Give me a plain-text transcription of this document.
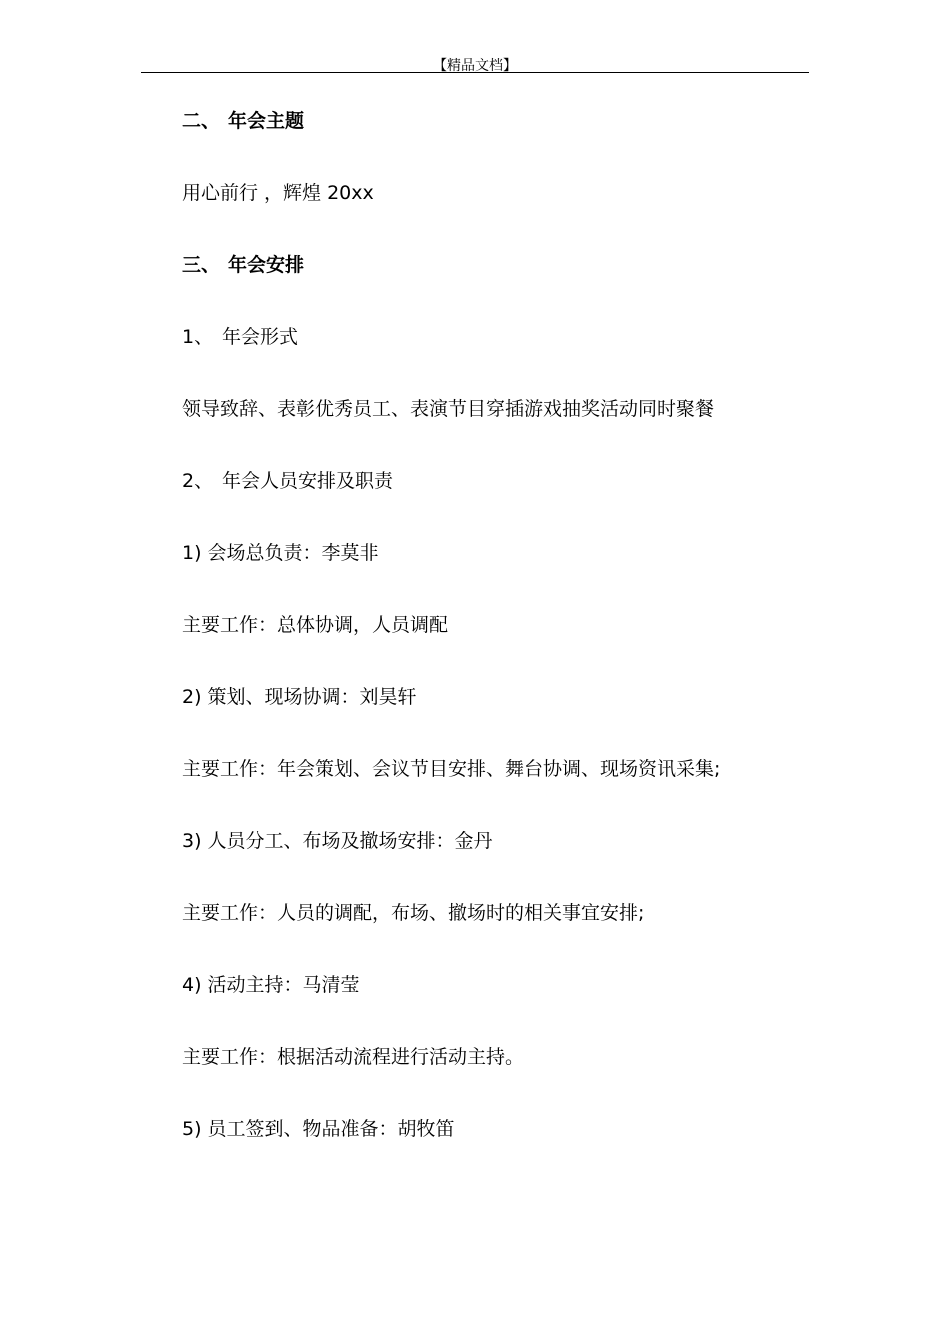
【精品文档】
二、 年会主题
用心前行 ，辉煌 20xx
三、 年会安排
1、 年会形式
领导致辞、表彰优秀员工、表演节目穿插游戏抽奖活动同时聚餐
2、 年会人员安排及职责
1) 会场总负责：李莫非
主要工作：总体协调，人员调配
2) 策划、现场协调：刘昊轩
主要工作：年会策划、会议节目安排、舞台协调、现场资讯采集;
3) 人员分工、布场及撤场安排：金丹
主要工作：人员的调配，布场、撤场时的相关事宜安排;
4) 活动主持：马清莹
主要工作：根据活动流程进行活动主持。
5) 员工签到、物品准备：胡牧笛
